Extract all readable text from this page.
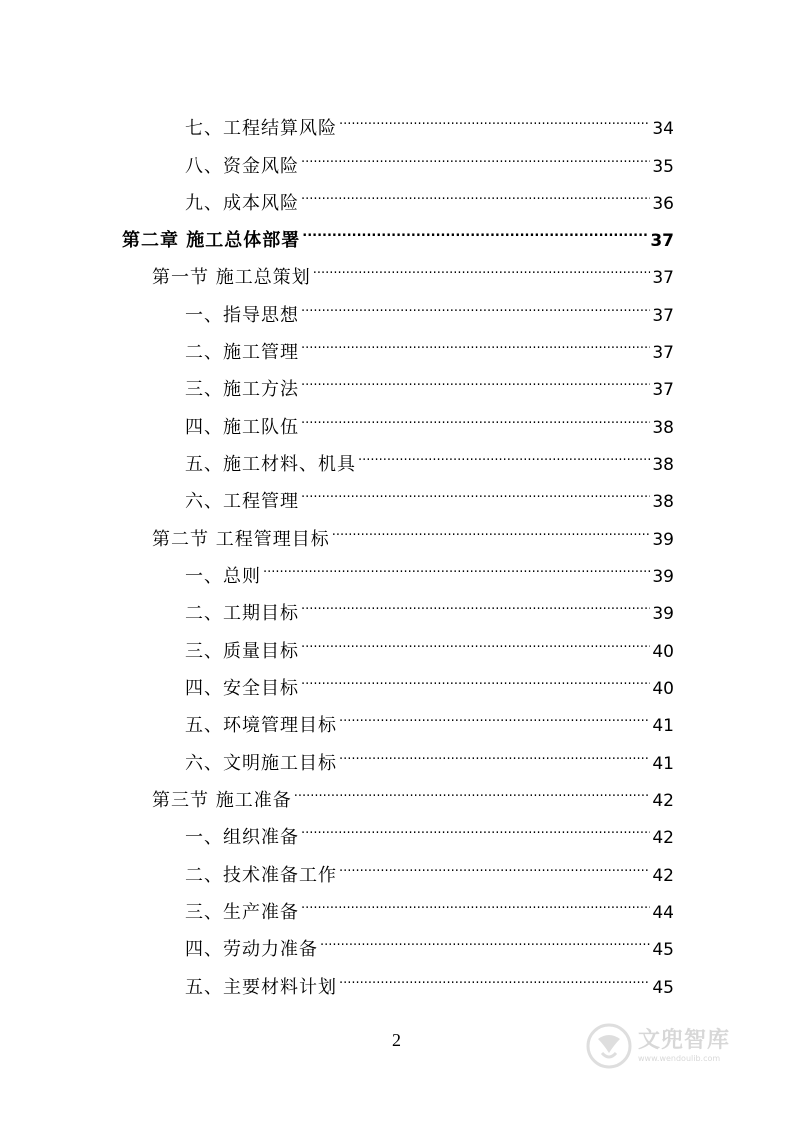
七、工程结算风险 .....	34
八、资金风险 .....	35
九、成本风险 .....	36
第二章 施工总体部署 .....	37
第一节 施工总策划 .....	37
一、指导思想 .....	37
二、施工管理 .....	37
三、施工方法 .....	37
四、施工队伍 .....	38
五、施工材料、机具 .....	38
六、工程管理 .....	38
第二节 工程管理目标 .....	39
一、总则 .....	39
二、工期目标 .....	39
三、质量目标 .....	40
四、安全目标 .....	40
五、环境管理目标 .....	41
六、文明施工目标 .....	41
第三节 施工准备 .....	42
一、组织准备 .....	42
二、技术准备工作 .....	42
三、生产准备 .....	44
四、劳动力准备 .....	45
五、主要材料计划 .....	45
2	文兜智库
www.wendoulib.com
